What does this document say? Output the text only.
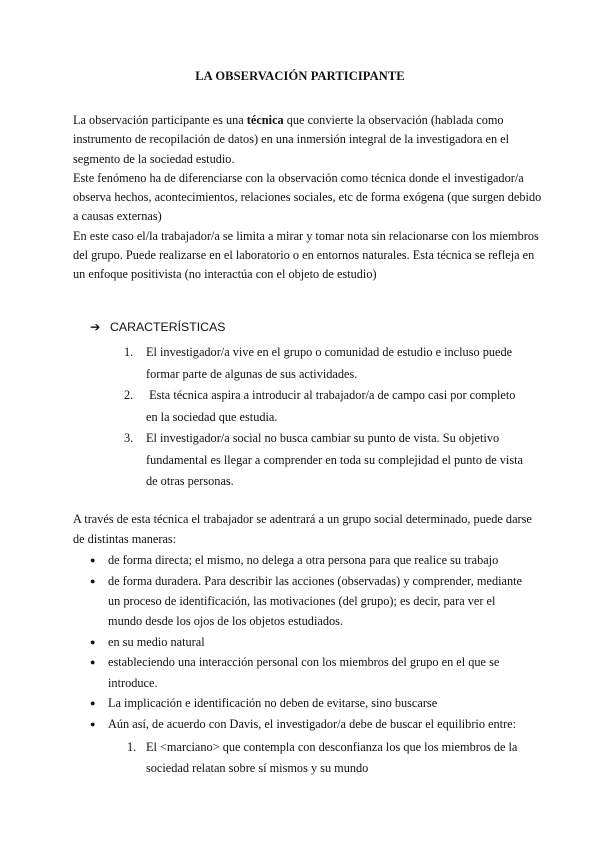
LA OBSERVACIÓN PARTICIPANTE

La observación participante es una técnica que convierte la observación (hablada como instrumento de recopilación de datos) en una inmersión integral de la investigadora en el segmento de la sociedad estudio.

Este fenómeno ha de diferenciarse con la observación como técnica donde el investigador/a observa hechos, acontecimientos, relaciones sociales, etc de forma exógena (que surgen debido a causas externas)

En este caso el/la trabajador/a se limita a mirar y tomar nota sin relacionarse con los miembros del grupo. Puede realizarse en el laboratorio o en entornos naturales. Esta técnica se refleja en un enfoque positivista (no interactúa con el objeto de estudio)

➔ CARACTERÍSTICAS
1. El investigador/a vive en el grupo o comunidad de estudio e incluso puede formar parte de algunas de sus actividades.
2. Esta técnica aspira a introducir al trabajador/a de campo casi por completo en la sociedad que estudia.
3. El investigador/a social no busca cambiar su punto de vista. Su objetivo fundamental es llegar a comprender en toda su complejidad el punto de vista de otras personas.

A través de esta técnica el trabajador se adentrará a un grupo social determinado, puede darse de distintas maneras:

● de forma directa; el mismo, no delega a otra persona para que realice su trabajo
● de forma duradera. Para describir las acciones (observadas) y comprender, mediante un proceso de identificación, las motivaciones (del grupo); es decir, para ver el mundo desde los ojos de los objetos estudiados.
● en su medio natural
● estableciendo una interacción personal con los miembros del grupo en el que se introduce.
● La implicación e identificación no deben de evitarse, sino buscarse
● Aún así, de acuerdo con Davis, el investigador/a debe de buscar el equilibrio entre:
1. El <marciano> que contempla con desconfianza los que los miembros de la sociedad relatan sobre sí mismos y su mundo
